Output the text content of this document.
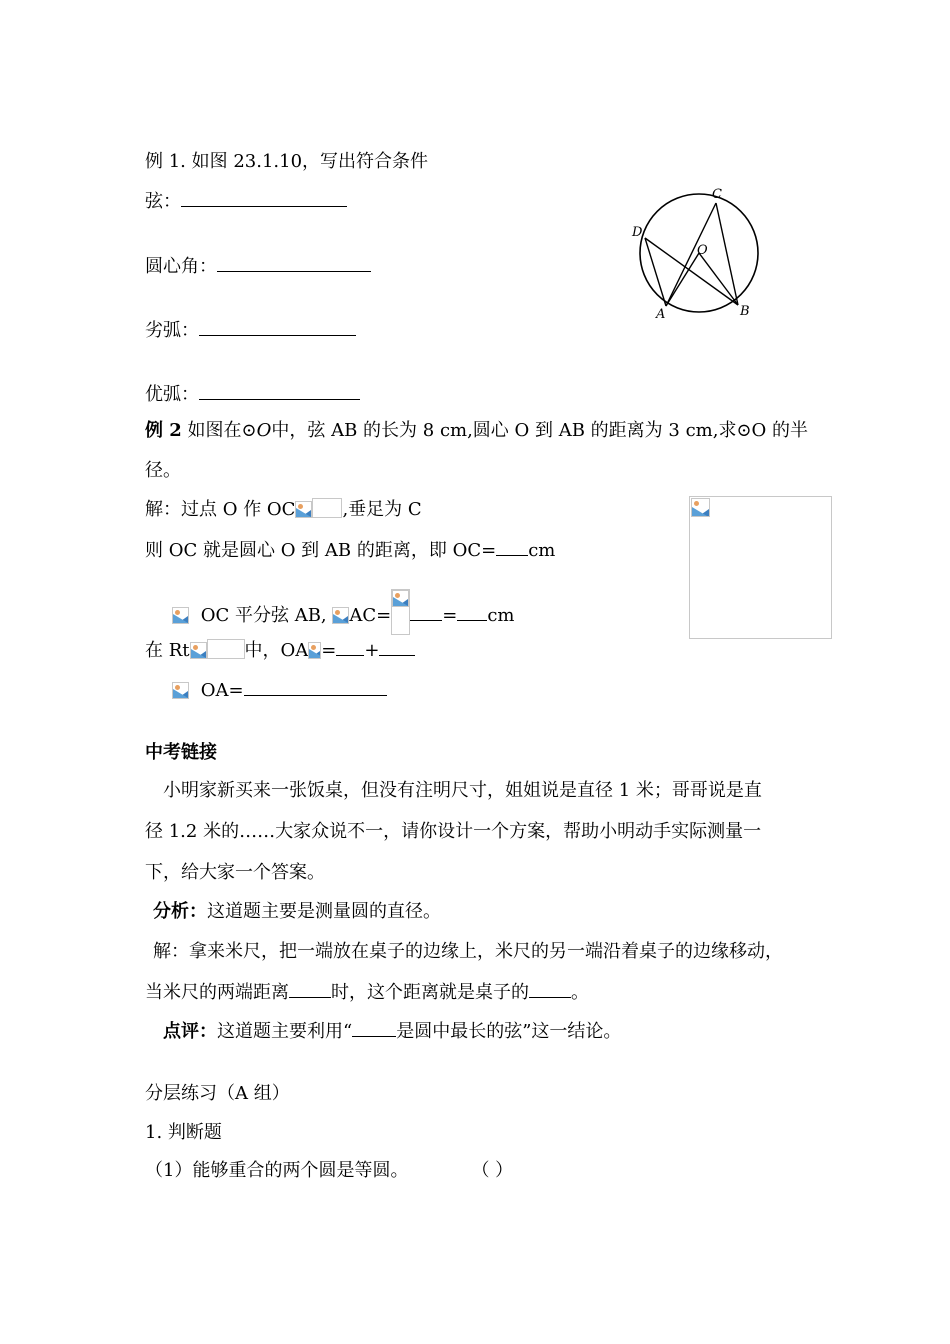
例 1. 如图 23.1.10，写出符合条件
弦：
圆心角：
劣弧：
优弧：
C
D
O
A	B
例 2 如图在⊙O中，弦 AB 的长为 8 cm,圆心 O 到 AB 的距离为 3 cm,求⊙O 的半
径。
解：过点 O 作 OC	,垂足为 C
则 OC 就是圆心 O 到 AB 的距离，即 OC= cm
OC 平分弦 AB,
AC=	= cm
在 Rt	中，OA = +
OA=
中考链接
小明家新买来一张饭桌，但没有注明尺寸，姐姐说是直径 1 米；哥哥说是直
径 1.2 米的……大家众说不一，请你设计一个方案，帮助小明动手实际测量一
下，给大家一个答案。
分析：这道题主要是测量圆的直径。
解：拿来米尺，把一端放在桌子的边缘上，米尺的另一端沿着桌子的边缘移动，
当米尺的两端距离 时，这个距离就是桌子的 。
点评：这道题主要利用“ 是圆中最长的弦”这一结论。
分层练习（A 组）
1. 判断题
（1）能够重合的两个圆是等圆。	（ ）
